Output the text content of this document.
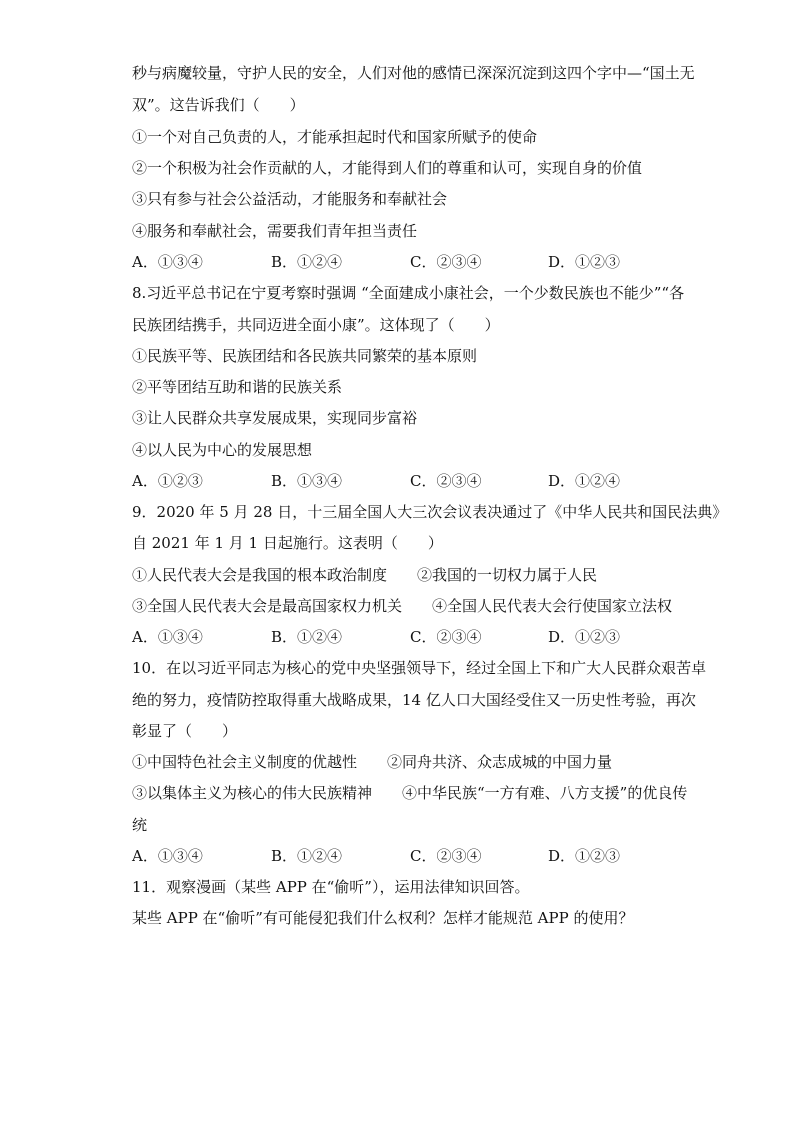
秒与病魔较量，守护人民的安全，人们对他的感情已深深沉淀到这四个字中—“国土无
双”。这告诉我们（　　）
①一个对自己负责的人，才能承担起时代和国家所赋予的使命
②一个积极为社会作贡献的人，才能得到人们的尊重和认可，实现自身的价值
③只有参与社会公益活动，才能服务和奉献社会
④服务和奉献社会，需要我们青年担当责任
A．①③④	B．①②④	C．②③④	D．①②③
8.习近平总书记在宁夏考察时强调 “全面建成小康社会，一个少数民族也不能少”“各
民族团结携手，共同迈进全面小康”。这体现了（　　）
①民族平等、民族团结和各民族共同繁荣的基本原则
②平等团结互助和谐的民族关系
③让人民群众共享发展成果，实现同步富裕
④以人民为中心的发展思想
A．①②③	B．①③④	C．②③④	D．①②④
9．2020 年 5 月 28 日，十三届全国人大三次会议表决通过了《中华人民共和国民法典》
自 2021 年 1 月 1 日起施行。这表明（　　）
①人民代表大会是我国的根本政治制度　　②我国的一切权力属于人民
③全国人民代表大会是最高国家权力机关　　④全国人民代表大会行使国家立法权
A．①③④	B．①②④	C．②③④	D．①②③
10．在以习近平同志为核心的党中央坚强领导下，经过全国上下和广大人民群众艰苦卓
绝的努力，疫情防控取得重大战略成果，14 亿人口大国经受住又一历史性考验，再次
彰显了（　　）
①中国特色社会主义制度的优越性　　②同舟共济、众志成城的中国力量
③以集体主义为核心的伟大民族精神　　④中华民族“一方有难、八方支援”的优良传
统
A．①③④	B．①②④	C．②③④	D．①②③
11．观察漫画（某些 APP 在“偷听”），运用法律知识回答。
某些 APP 在“偷听”有可能侵犯我们什么权利？怎样才能规范 APP 的使用？
